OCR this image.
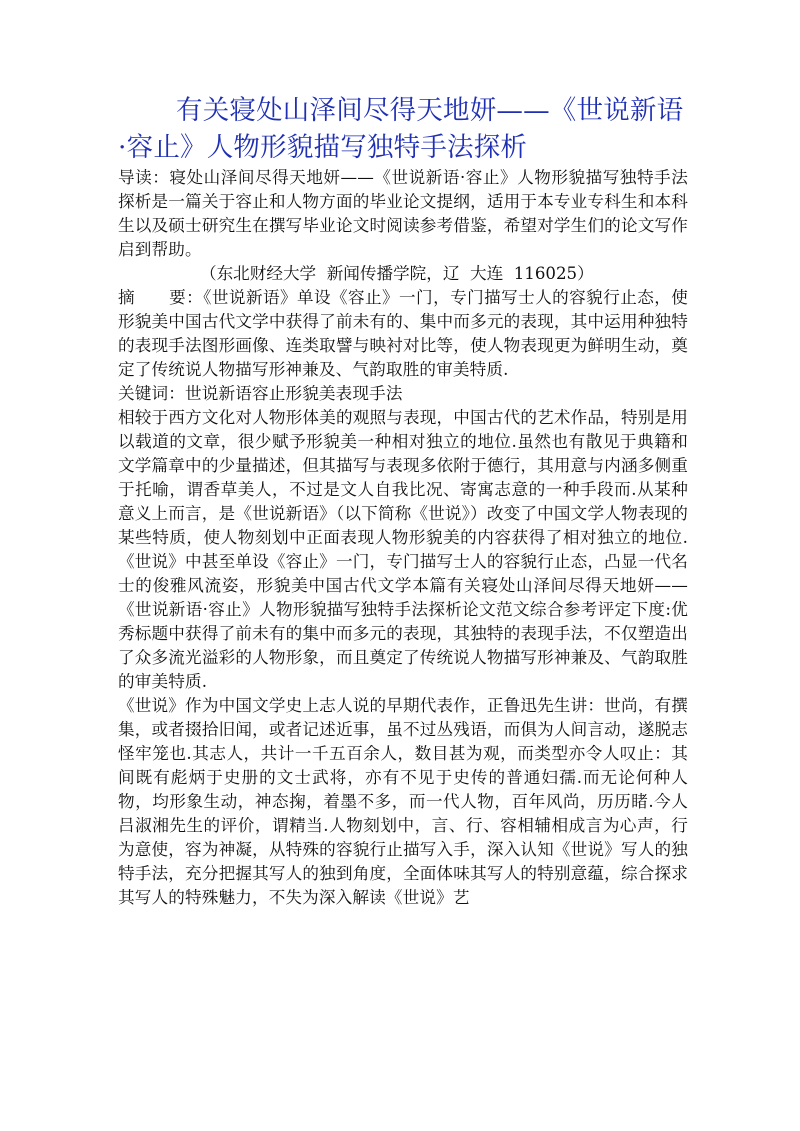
有关寝处山泽间尽得天地妍——《世说新语·容止》人物形貌描写独特手法探析

导读：寝处山泽间尽得天地妍——《世说新语·容止》人物形貌描写独特手法探析是一篇关于容止和人物方面的毕业论文提纲，适用于本专业专科生和本科生以及硕士研究生在撰写毕业论文时阅读参考借鉴，希望对学生们的论文写作启到帮助。

（东北财经大学  新闻传播学院，辽  大连  116025）

摘      要：《世说新语》单设《容止》一门，专门描写士人的容貌行止态，使形貌美中国古代文学中获得了前未有的、集中而多元的表现，其中运用种独特的表现手法图形画像、连类取譬与映衬对比等，使人物表现更为鲜明生动，奠定了传统说人物描写形神兼及、气韵取胜的审美特质.

关键词：世说新语容止形貌美表现手法

相较于西方文化对人物形体美的观照与表现，中国古代的艺术作品，特别是用以载道的文章，很少赋予形貌美一种相对独立的地位.虽然也有散见于典籍和文学篇章中的少量描述，但其描写与表现多依附于德行，其用意与内涵多侧重于托喻，谓香草美人，不过是文人自我比况、寄寓志意的一种手段而.从某种意义上而言，是《世说新语》（以下简称《世说》）改变了中国文学人物表现的某些特质，使人物刻划中正面表现人物形貌美的内容获得了相对独立的地位.《世说》中甚至单设《容止》一门，专门描写士人的容貌行止态，凸显一代名士的俊雅风流姿，形貌美中国古代文学本篇有关寝处山泽间尽得天地妍——《世说新语·容止》人物形貌描写独特手法探析论文范文综合参考评定下度:优秀标题中获得了前未有的集中而多元的表现，其独特的表现手法，不仅塑造出了众多流光溢彩的人物形象，而且奠定了传统说人物描写形神兼及、气韵取胜的审美特质.

《世说》作为中国文学史上志人说的早期代表作，正鲁迅先生讲：世尚，有撰集，或者掇拾旧闻，或者记述近事，虽不过丛残语，而俱为人间言动，遂脱志怪牢笼也.其志人，共计一千五百余人，数目甚为观，而类型亦令人叹止：其间既有彪炳于史册的文士武将，亦有不见于史传的普通妇孺.而无论何种人物，均形象生动，神态掬，着墨不多，而一代人物，百年风尚，历历睹.今人吕淑湘先生的评价，谓精当.人物刻划中，言、行、容相辅相成言为心声，行为意使，容为神凝，从特殊的容貌行止描写入手，深入认知《世说》写人的独特手法，充分把握其写人的独到角度，全面体味其写人的特别意蕴，综合探求其写人的特殊魅力，不失为深入解读《世说》艺
